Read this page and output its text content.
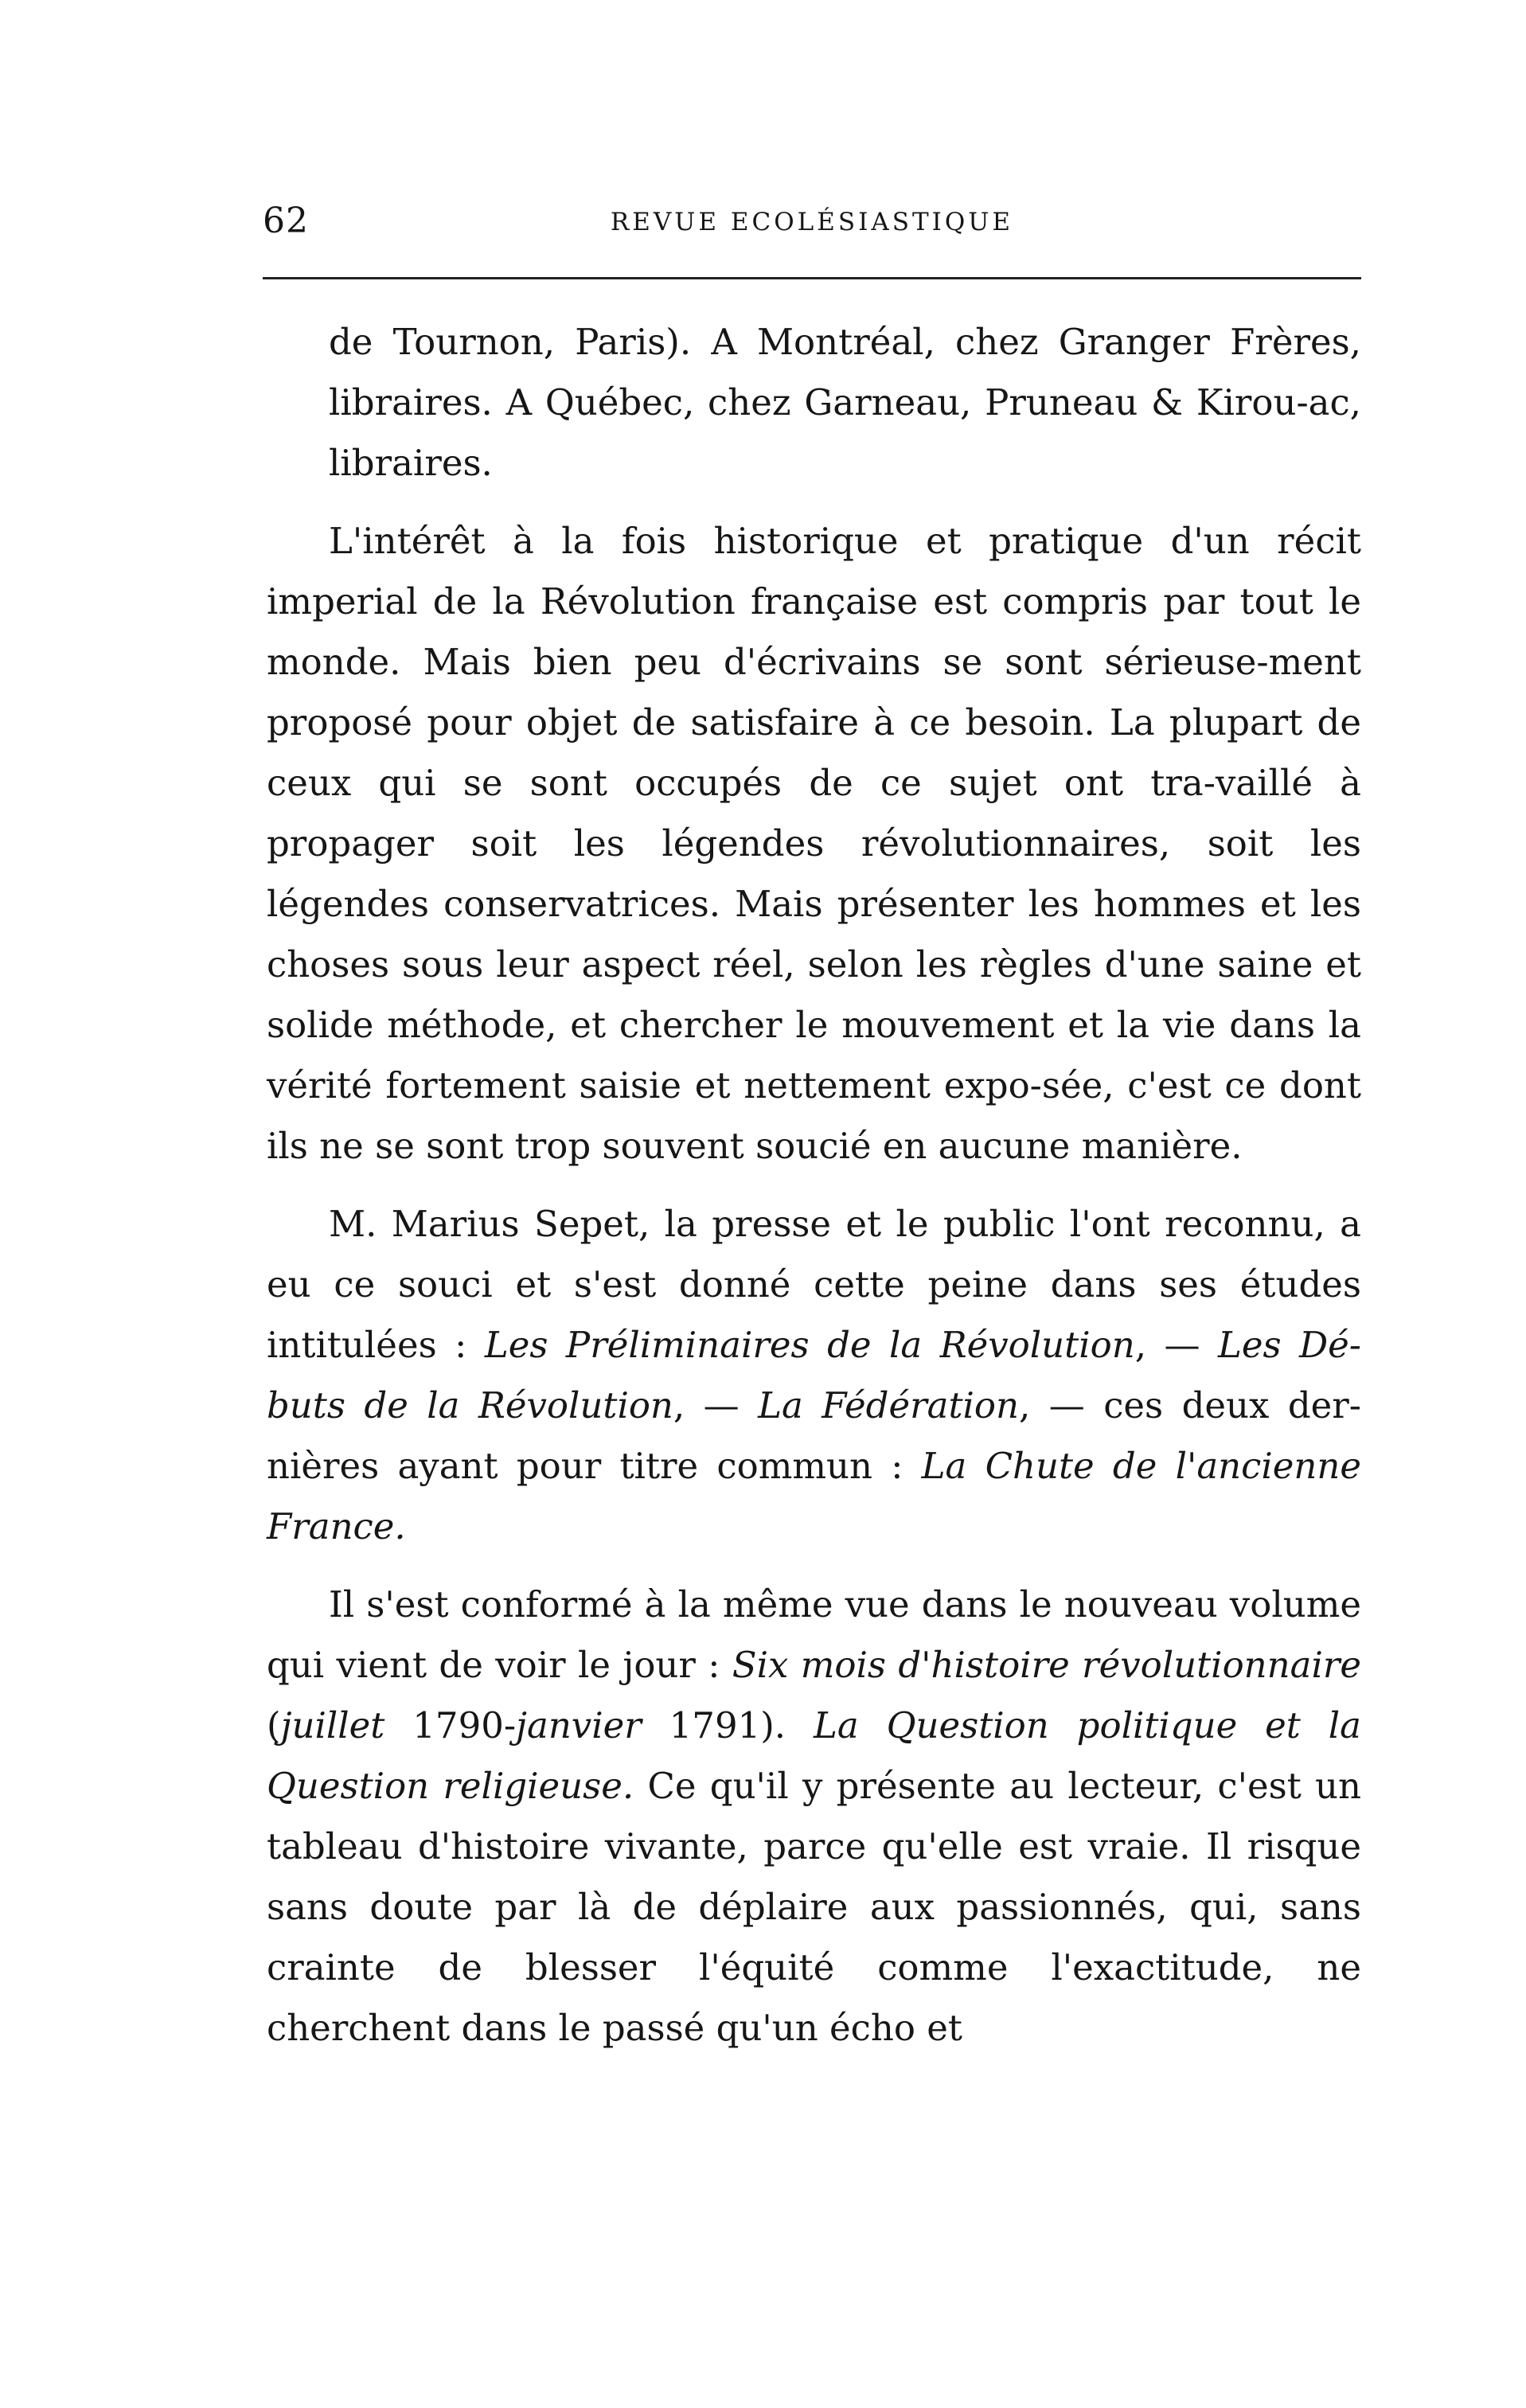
62	REVUE ECOLÉSIASTIQUE

de Tournon, Paris). A Montréal, chez Granger Frères, libraires. A Québec, chez Garneau, Pruneau & Kirou-ac, libraires.

L'intérêt à la fois historique et pratique d'un récit imperial de la Révolution française est compris par tout le monde. Mais bien peu d'écrivains se sont sérieuse-ment proposé pour objet de satisfaire à ce besoin. La plupart de ceux qui se sont occupés de ce sujet ont tra-vaillé à propager soit les légendes révolutionnaires, soit les légendes conservatrices. Mais présenter les hommes et les choses sous leur aspect réel, selon les règles d'une saine et solide méthode, et chercher le mouvement et la vie dans la vérité fortement saisie et nettement expo-sée, c'est ce dont ils ne se sont trop souvent soucié en aucune manière.

M. Marius Sepet, la presse et le public l'ont reconnu, a eu ce souci et s'est donné cette peine dans ses études intitulées : Les Préliminaires de la Révolution, — Les Dé-buts de la Révolution, — La Fédération, — ces deux der-nières ayant pour titre commun : La Chute de l'ancienne France.

Il s'est conformé à la même vue dans le nouveau volume qui vient de voir le jour : Six mois d'histoire révolutionnaire (juillet 1790-janvier 1791). La Question politique et la Question religieuse. Ce qu'il y présente au lecteur, c'est un tableau d'histoire vivante, parce qu'elle est vraie. Il risque sans doute par là de déplaire aux passionnés, qui, sans crainte de blesser l'équité comme l'exactitude, ne cherchent dans le passé qu'un écho et
